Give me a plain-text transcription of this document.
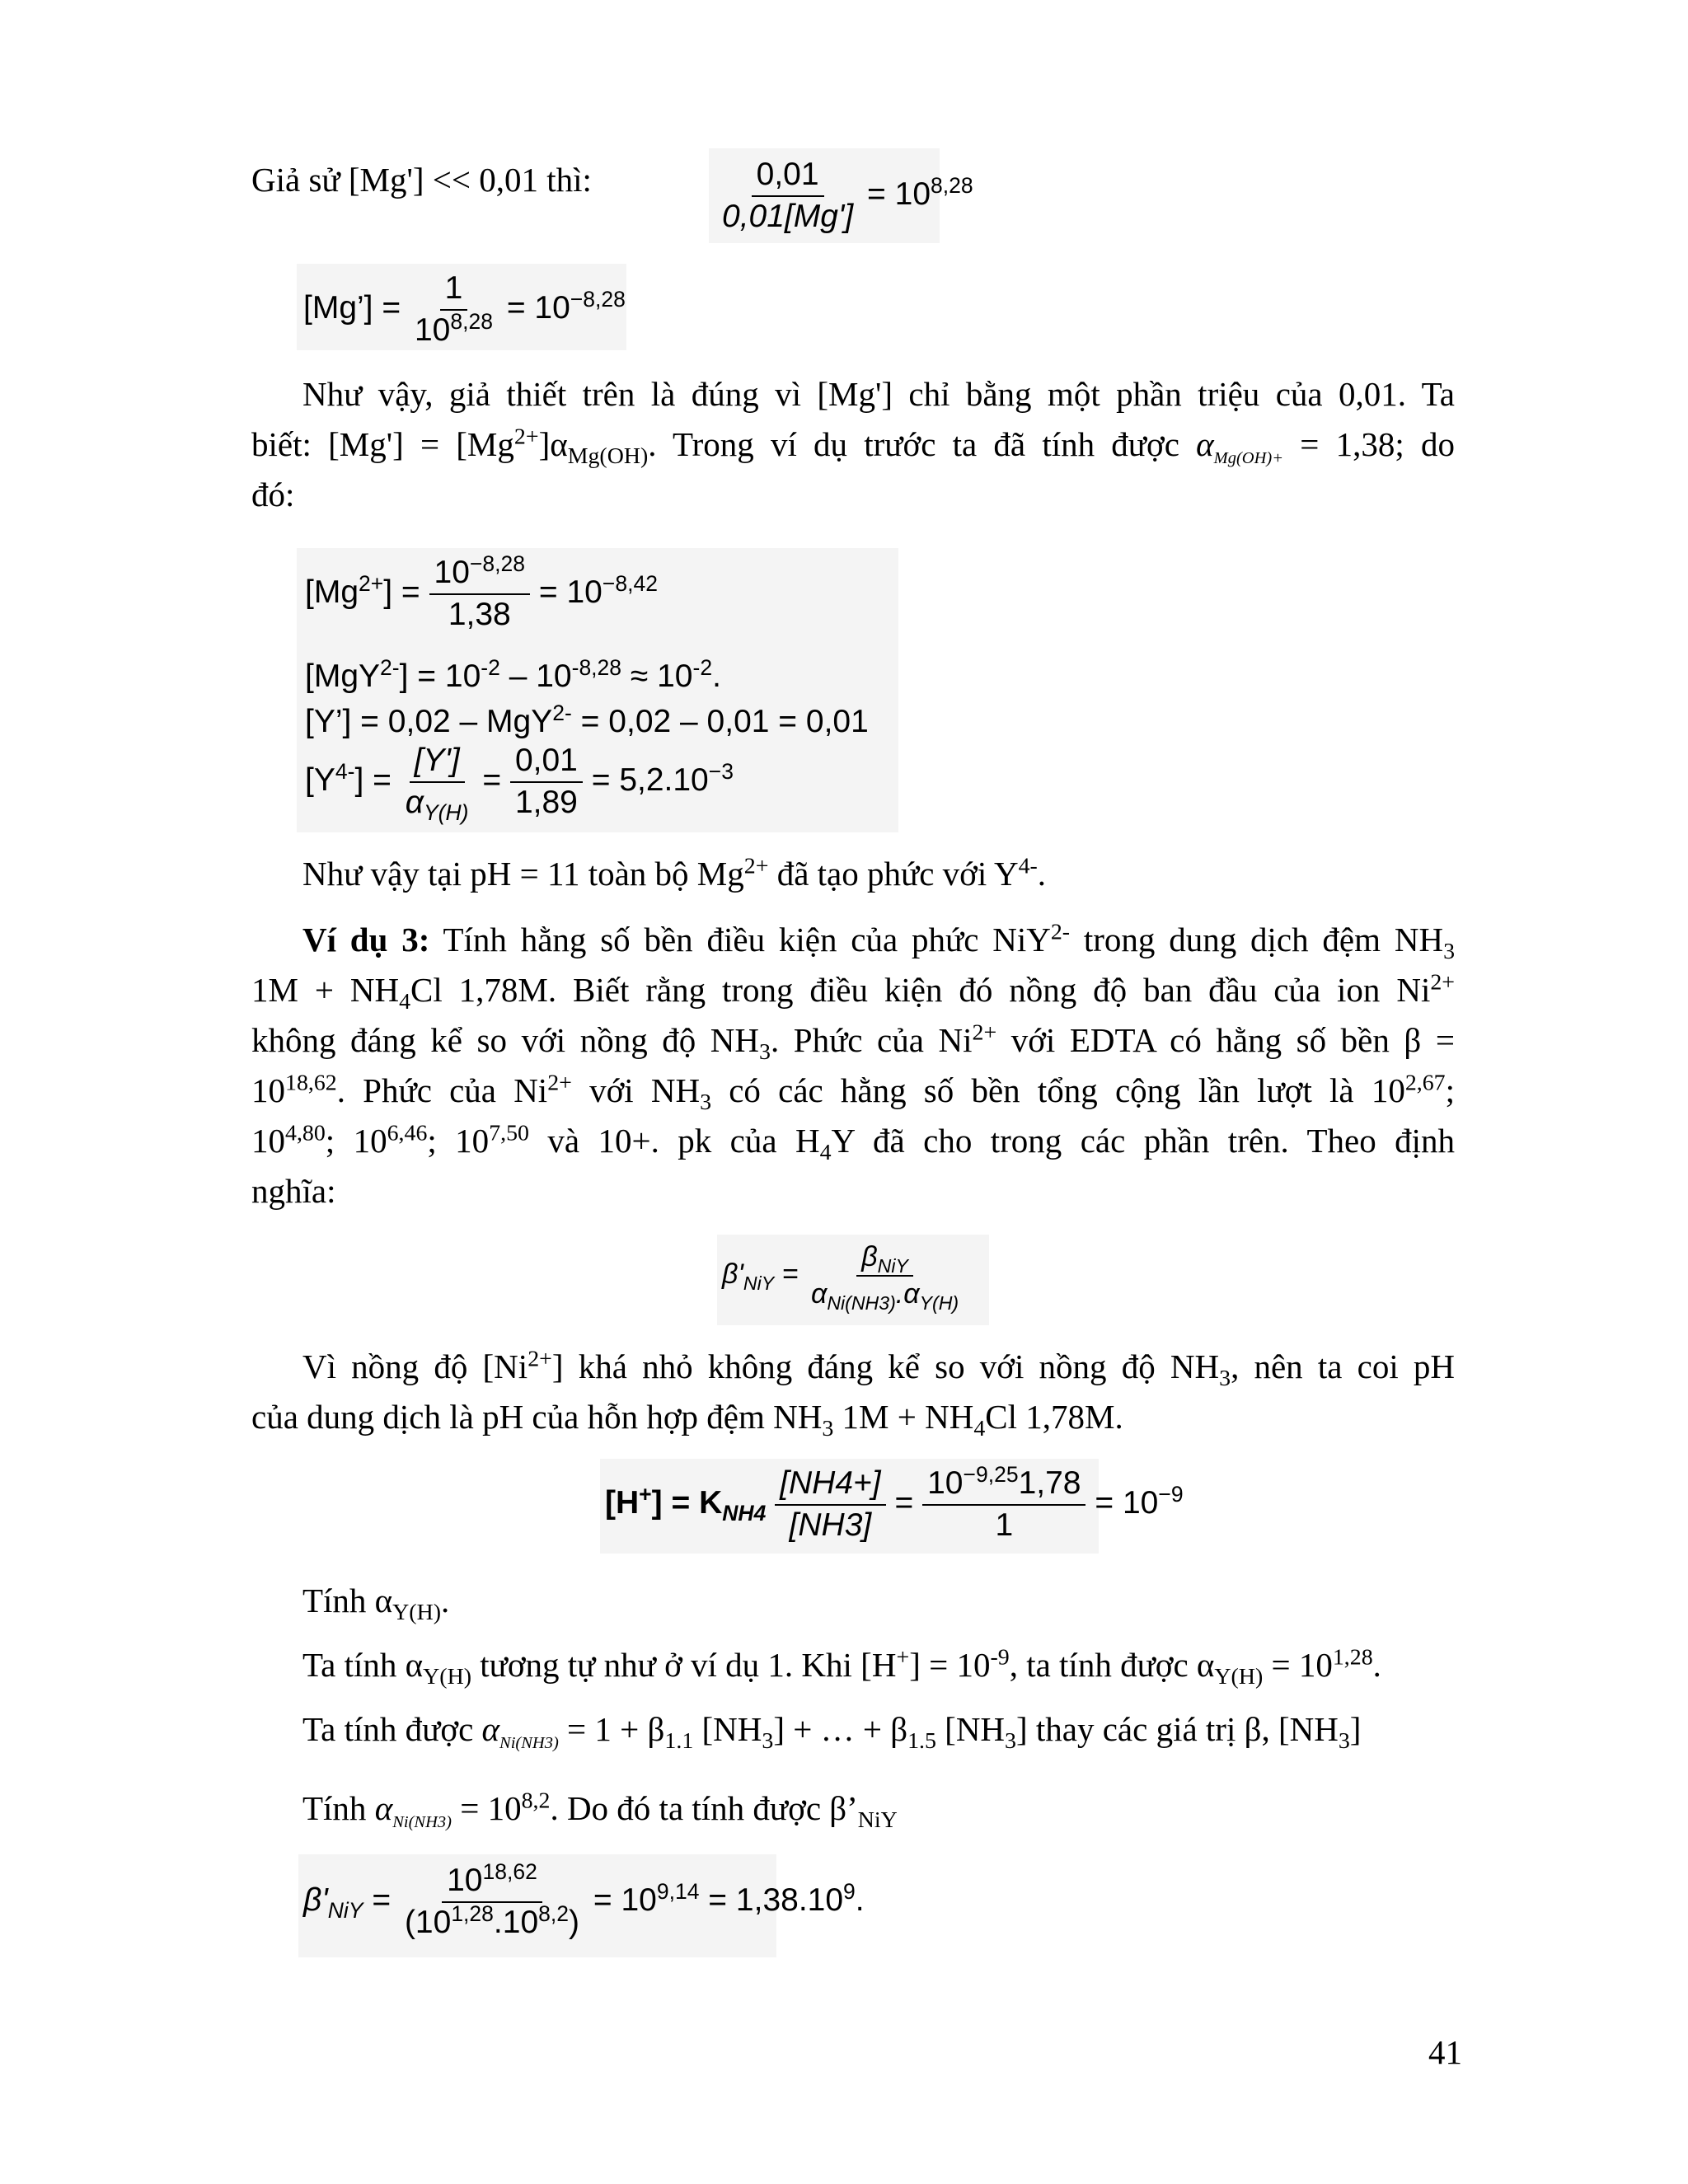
Giả sử [Mg'] << 0,01 thì:	$\frac{0,01}{0,01[Mg']} = 10^{8,28}$
[Mg’] = $\frac{1}{10^{8,28}} = 10^{-8,28}$
Như vậy, giả thiết trên là đúng vì [Mg'] chỉ bằng một phần triệu của 0,01. Ta
biết: $[Mg'] = [Mg^{2+}]\alpha_{Mg(OH)}$. Trong ví dụ trước ta đã tính được $\alpha_{Mg(OH)+} = 1,38$; do
đó:
$[Mg^{2+}] = \frac{10^{-8,28}}{1,38} = 10^{-8,42}$
$[MgY^{2-}] = 10^{-2} - 10^{-8,28} \approx 10^{-2}$.
[Y’] = 0,02 – MgY$^{2-}$ = 0,02 – 0,01 = 0,01
$[Y^{4-}] = \frac{[Y']}{\alpha_{Y(H)}} = \frac{0,01}{1,89} = 5,2.10^{-3}$
Như vậy tại pH = 11 toàn bộ $Mg^{2+}$ đã tạo phức với $Y^{4-}$.
Ví dụ 3: Tính hằng số bền điều kiện của phức NiY$^{2-}$ trong dung dịch đệm $NH_3$
$1M + NH_4Cl$ 1,78M. Biết rằng trong điều kiện đó nồng độ ban đầu của ion $Ni^{2+}$
không đáng kể so với nồng độ $NH_3$. Phức của $Ni^{2+}$ với EDTA có hằng số bền β =
$10^{18,62}$. Phức của $Ni^{2+}$ với $NH_3$ có các hằng số bền tổng cộng lần lượt là 10$^{2,67}$;
10$^{4,80}$; 10$^{6,46}$; 10$^{7,50}$ và 10+. pk của $H_4Y$ đã cho trong các phần trên. Theo định
nghĩa:
$\beta'_{NiY} = \frac{\beta_{NiY}}{\alpha_{Ni(NH3)}.\alpha_{Y(H)}}$
Vì nồng độ $[Ni^{2+}]$ khá nhỏ không đáng kể so với nồng độ $NH_3$, nên ta coi pH
của dung dịch là pH của hỗn hợp đệm $NH_3$ $1M + NH_4Cl$ 1,78M.
$[H^+] = K_{NH4} \frac{[NH4+]}{[NH3]} = \frac{10^{-9,25}1,78}{1} = 10^{-9}$
Tính $\alpha_{Y(H)}$.
Ta tính $\alpha_{Y(H)}$ tương tự như ở ví dụ 1. Khi $[H^+] = 10^{-9}$, ta tính được $\alpha_{Y(H)} = 10^{1,28}$.
Ta tính được $\alpha_{Ni(NH3)} = 1 + \beta_{1.1}$ $[NH_3]$ + … + $\beta_{1.5}$ $[NH_3]$ thay các giá trị β, $[NH_3]$
Tính $\alpha_{Ni(NH3)} = 10^{8,2}$. Do đó ta tính được $\beta’_{NiY}$
$\beta'_{NiY} = \frac{10^{18,62}}{(10^{1,28}.10^{8,2})} = 10^{9,14} = 1,38.10^9$.
41
